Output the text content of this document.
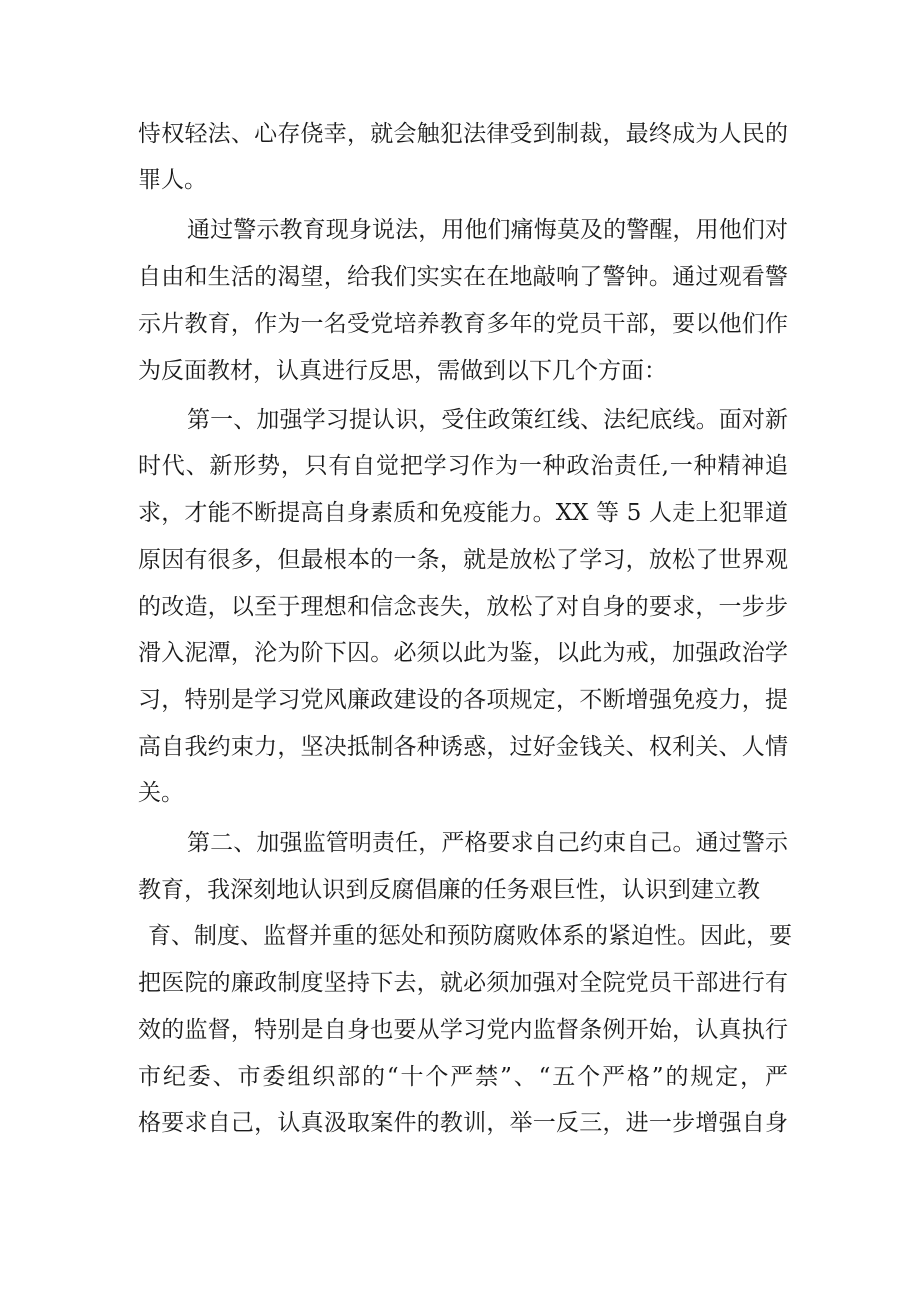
恃权轻法、心存侥幸，就会触犯法律受到制裁，最终成为人民的
罪人。
通过警示教育现身说法，用他们痛悔莫及的警醒，用他们对
自由和生活的渴望，给我们实实在在地敲响了警钟。通过观看警
示片教育，作为一名受党培养教育多年的党员干部，要以他们作
为反面教材，认真进行反思，需做到以下几个方面：
第一、加强学习提认识，受住政策红线、法纪底线。面对新
时代、新形势，只有自觉把学习作为一种政治责任,一种精神追
求，才能不断提高自身素质和免疫能力。XX 等 5 人走上犯罪道
原因有很多，但最根本的一条，就是放松了学习，放松了世界观
的改造，以至于理想和信念丧失，放松了对自身的要求，一步步
滑入泥潭，沦为阶下囚。必须以此为鉴，以此为戒，加强政治学
习，特别是学习党风廉政建设的各项规定，不断增强免疫力，提
高自我约束力，坚决抵制各种诱惑，过好金钱关、权利关、人情
关。
第二、加强监管明责任，严格要求自己约束自己。通过警示
教育，我深刻地认识到反腐倡廉的任务艰巨性，认识到建立教
育、制度、监督并重的惩处和预防腐败体系的紧迫性。因此，要
把医院的廉政制度坚持下去，就必须加强对全院党员干部进行有
效的监督，特别是自身也要从学习党内监督条例开始，认真执行
市纪委、市委组织部的“十个严禁”、“五个严格”的规定，严
格要求自己，认真汲取案件的教训，举一反三，进一步增强自身
